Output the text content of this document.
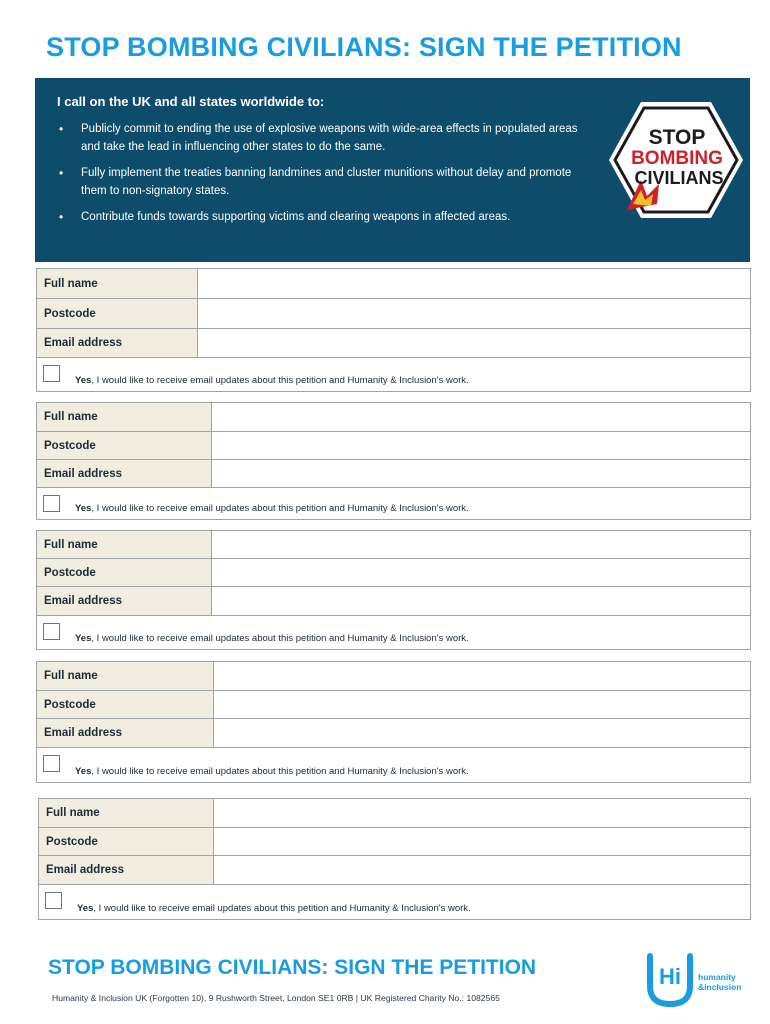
STOP BOMBING CIVILIANS: SIGN THE PETITION
I call on the UK and all states worldwide to:
• Publicly commit to ending the use of explosive weapons with wide-area effects in populated areas and take the lead in influencing other states to do the same.
• Fully implement the treaties banning landmines and cluster munitions without delay and promote them to non-signatory states.
• Contribute funds towards supporting victims and clearing weapons in affected areas.
STOP
BOMBING
CIVILIANS
Full name
Postcode
Email address
Yes, I would like to receive email updates about this petition and Humanity & Inclusion's work.
Full name
Postcode
Email address
Yes, I would like to receive email updates about this petition and Humanity & Inclusion's work.
Full name
Postcode
Email address
Yes, I would like to receive email updates about this petition and Humanity & Inclusion's work.
Full name
Postcode
Email address
Yes, I would like to receive email updates about this petition and Humanity & Inclusion's work.
Full name
Postcode
Email address
Yes, I would like to receive email updates about this petition and Humanity & Inclusion's work.
STOP BOMBING CIVILIANS: SIGN THE PETITION
Humanity & Inclusion UK (Forgotten 10), 9 Rushworth Street, London SE1 0RB | UK Registered Charity No.: 1082565
Hi humanity
&inclusion
